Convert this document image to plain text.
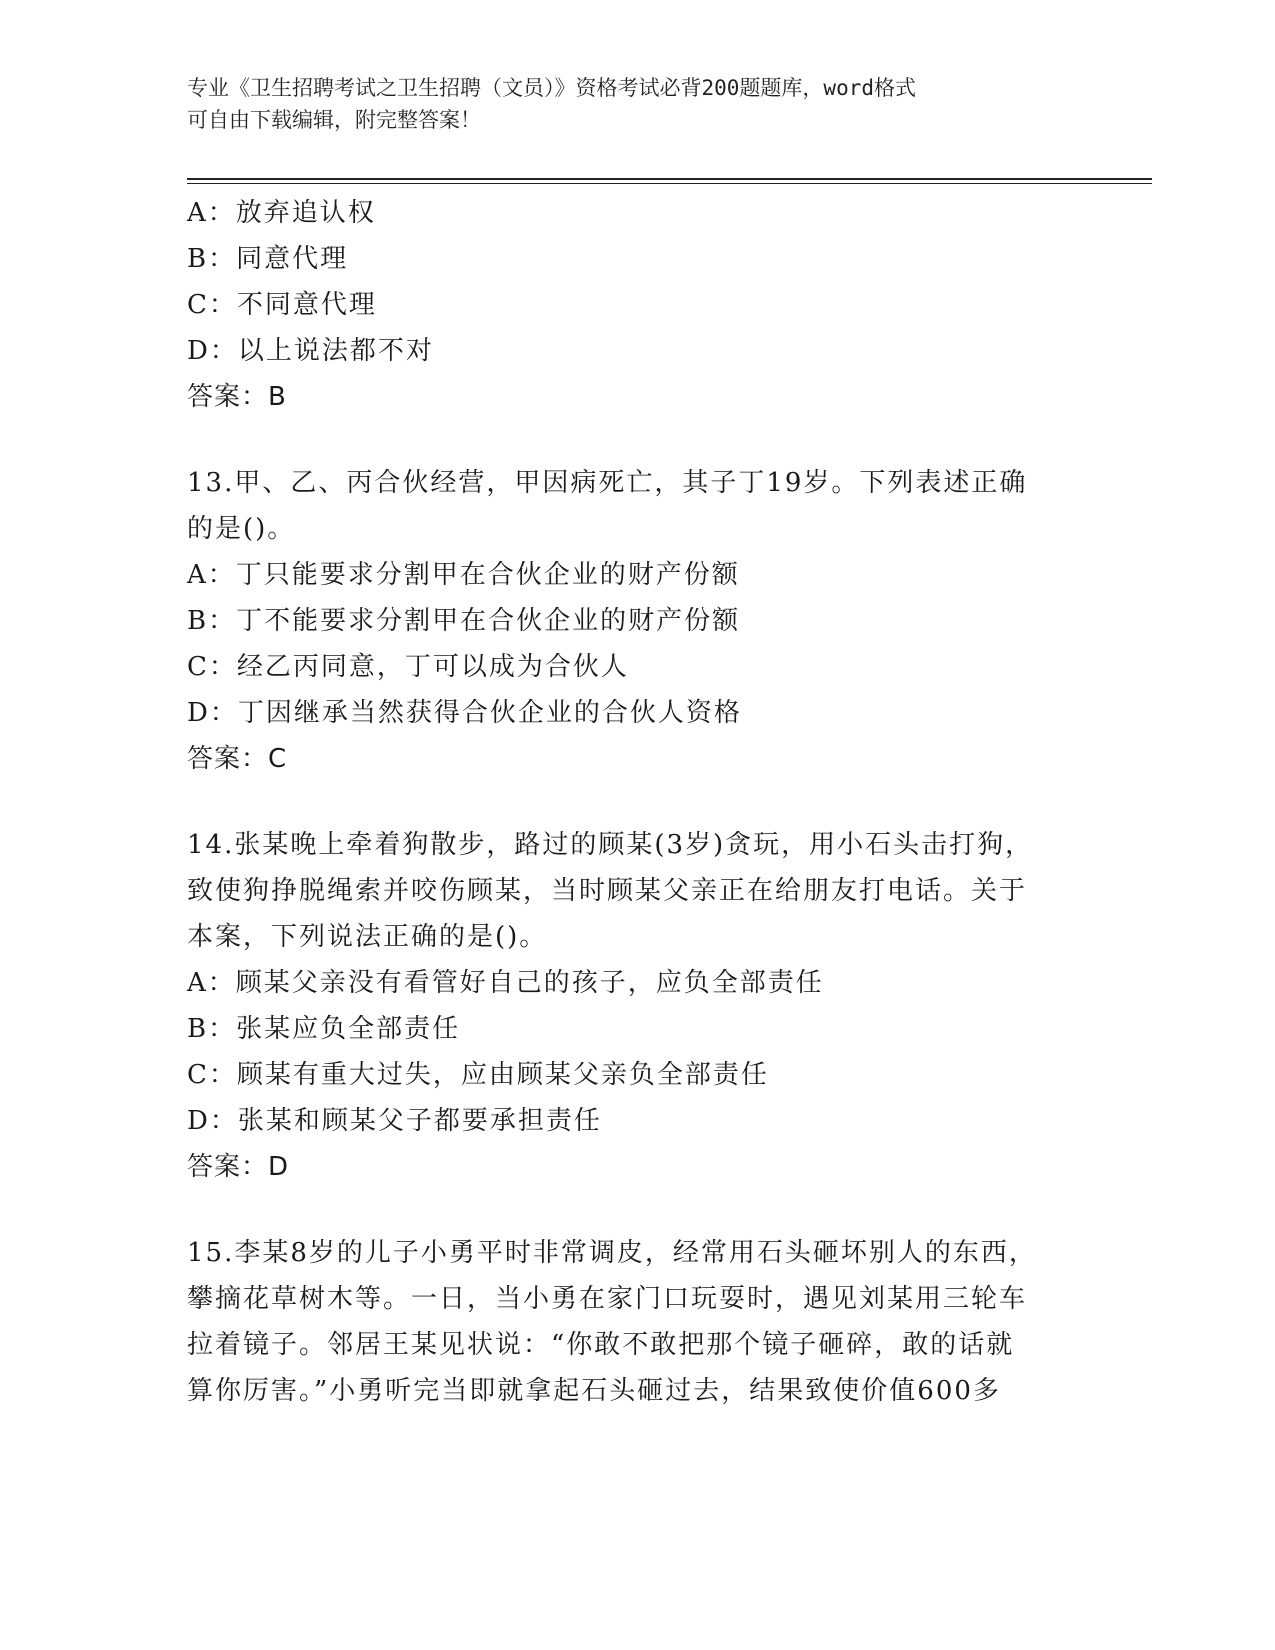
专业《卫生招聘考试之卫生招聘（文员）》资格考试必背200题题库，word格式
可自由下载编辑，附完整答案！
A：放弃追认权
B：同意代理
C：不同意代理
D：以上说法都不对
答案：B
13.甲、乙、丙合伙经营，甲因病死亡，其子丁19岁。下列表述正确
的是()。
A：丁只能要求分割甲在合伙企业的财产份额
B：丁不能要求分割甲在合伙企业的财产份额
C：经乙丙同意，丁可以成为合伙人
D：丁因继承当然获得合伙企业的合伙人资格
答案：C
14.张某晚上牵着狗散步，路过的顾某(3岁)贪玩，用小石头击打狗，
致使狗挣脱绳索并咬伤顾某，当时顾某父亲正在给朋友打电话。关于
本案，下列说法正确的是()。
A：顾某父亲没有看管好自己的孩子，应负全部责任
B：张某应负全部责任
C：顾某有重大过失，应由顾某父亲负全部责任
D：张某和顾某父子都要承担责任
答案：D
15.李某8岁的儿子小勇平时非常调皮，经常用石头砸坏别人的东西，
攀摘花草树木等。一日，当小勇在家门口玩耍时，遇见刘某用三轮车
拉着镜子。邻居王某见状说：“你敢不敢把那个镜子砸碎，敢的话就
算你厉害。”小勇听完当即就拿起石头砸过去，结果致使价值600多
